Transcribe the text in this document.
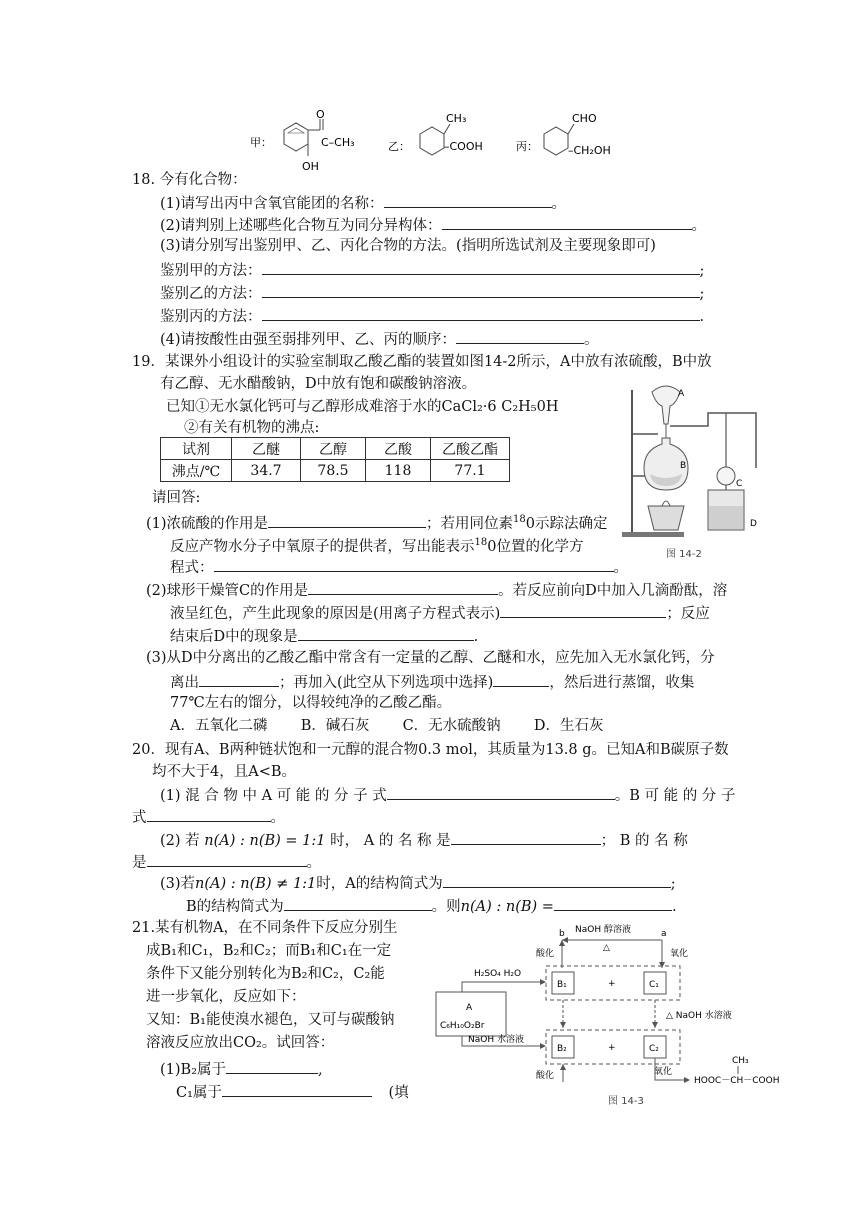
甲：
O
C–CH₃
OH
乙：
CH₃
–COOH	丙：
CHO
–CH₂OH
18. 今有化合物：
(1)请写出丙中含氧官能团的名称：	。
(2)请判别上述哪些化合物互为同分异构体：	。
(3)请分别写出鉴别甲、乙、丙化合物的方法。(指明所选试剂及主要现象即可)
鉴别甲的方法：	;
鉴别乙的方法：	;
鉴别丙的方法：	.
(4)请按酸性由强至弱排列甲、乙、丙的顺序：	。
19．某课外小组设计的实验室制取乙酸乙酯的装置如图14-2所示，A中放有浓硫酸，B中放
有乙醇、无水醋酸钠，D中放有饱和碳酸钠溶液。
已知①无水氯化钙可与乙醇形成难溶于水的CaCl₂·6 C₂H₅0H
②有关有机物的沸点:
试剂	乙醚	乙醇	乙酸	乙酸乙酯
沸点/℃	34.7	78.5	118	77.1
请回答:
(1)浓硫酸的作用是	；若用同位素$^{18}$0示踪法确定
反应产物水分子中氧原子的提供者，写出能表示$^{18}$0位置的化学方
程式：	。
A
B
C
D
图 14-2
(2)球形干燥管C的作用是	。若反应前向D中加入几滴酚酞，溶
液呈红色，产生此现象的原因是(用离子方程式表示)	；反应
结束后D中的现象是	.
(3)从D中分离出的乙酸乙酯中常含有一定量的乙醇、乙醚和水，应先加入无水氯化钙，分
离出	；再加入(此空从下列选项中选择)	，然后进行蒸馏，收集
77℃左右的馏分，以得较纯净的乙酸乙酯。
A．五氧化二磷 B．碱石灰 C．无水硫酸钠 D．生石灰
20．现有A、B两种链状饱和一元醇的混合物0.3 mol，其质量为13.8 g。已知A和B碳原子数
均不大于4，且A<B。
(1) 混 合 物 中 A 可 能 的 分 子 式	。B 可 能 的 分 子
式	。
(2) 若 n(A) : n(B) = 1:1 时， A 的 名 称 是	； B 的 名 称
是	。
(3)若n(A) : n(B) ≠ 1:1时，A的结构简式为	;
B的结构简式为	。则n(A) : n(B) =	.
21.某有机物A，在不同条件下反应分别生
成B₁和C₁，B₂和C₂；而B₁和C₁在一定
条件下又能分别转化为B₂和C₂，C₂能
进一步氧化，反应如下：
又知：B₁能使溴水褪色，又可与碳酸钠
溶液反应放出CO₂。试回答：
(1)B₂属于	,
C₁属于	(填
NaOH 醇溶液
△
b	a
酸化	氧化
B₁	+	C₁
A
C₆H₁₀O₂Br
H₂SO₄ H₂O
NaOH 水溶液
△ NaOH 水溶液
B₂	+	C₂
酸化	氧化
HOOC－CH－COOH
CH₃
图 14-3
